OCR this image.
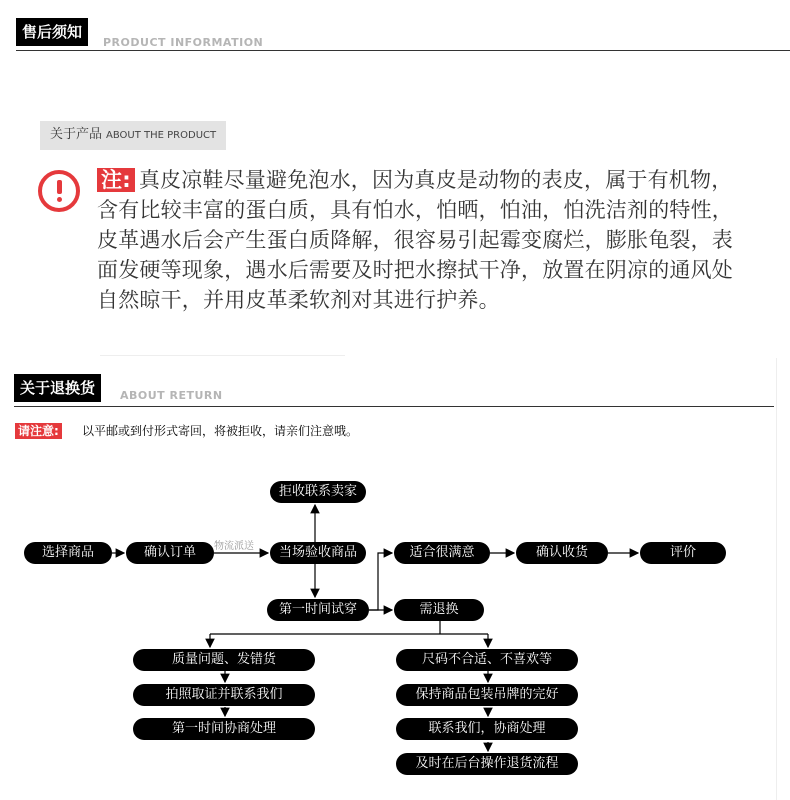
售后须知
PRODUCT INFORMATION
关于产品 ABOUT THE PRODUCT
注: 真皮凉鞋尽量避免泡水，因为真皮是动物的表皮，属于有机物，含有比较丰富的蛋白质，具有怕水，怕晒，怕油，怕洗洁剂的特性，皮革遇水后会产生蛋白质降解，很容易引起霉变腐烂，膨胀龟裂，表面发硬等现象，遇水后需要及时把水擦拭干净，放置在阴凉的通风处自然晾干，并用皮革柔软剂对其进行护养。
关于退换货	ABOUT RETURN
请注意: 以平邮或到付形式寄回，将被拒收，请亲们注意哦。
物流派送
选择商品	确认订单	当场验收商品
拒收联系卖家
适合很满意	确认收货	评价
第一时间试穿	需退换
质量问题、发错货
拍照取证并联系我们
第一时间协商处理
尺码不合适、不喜欢等
保持商品包装吊牌的完好
联系我们，协商处理
及时在后台操作退货流程
